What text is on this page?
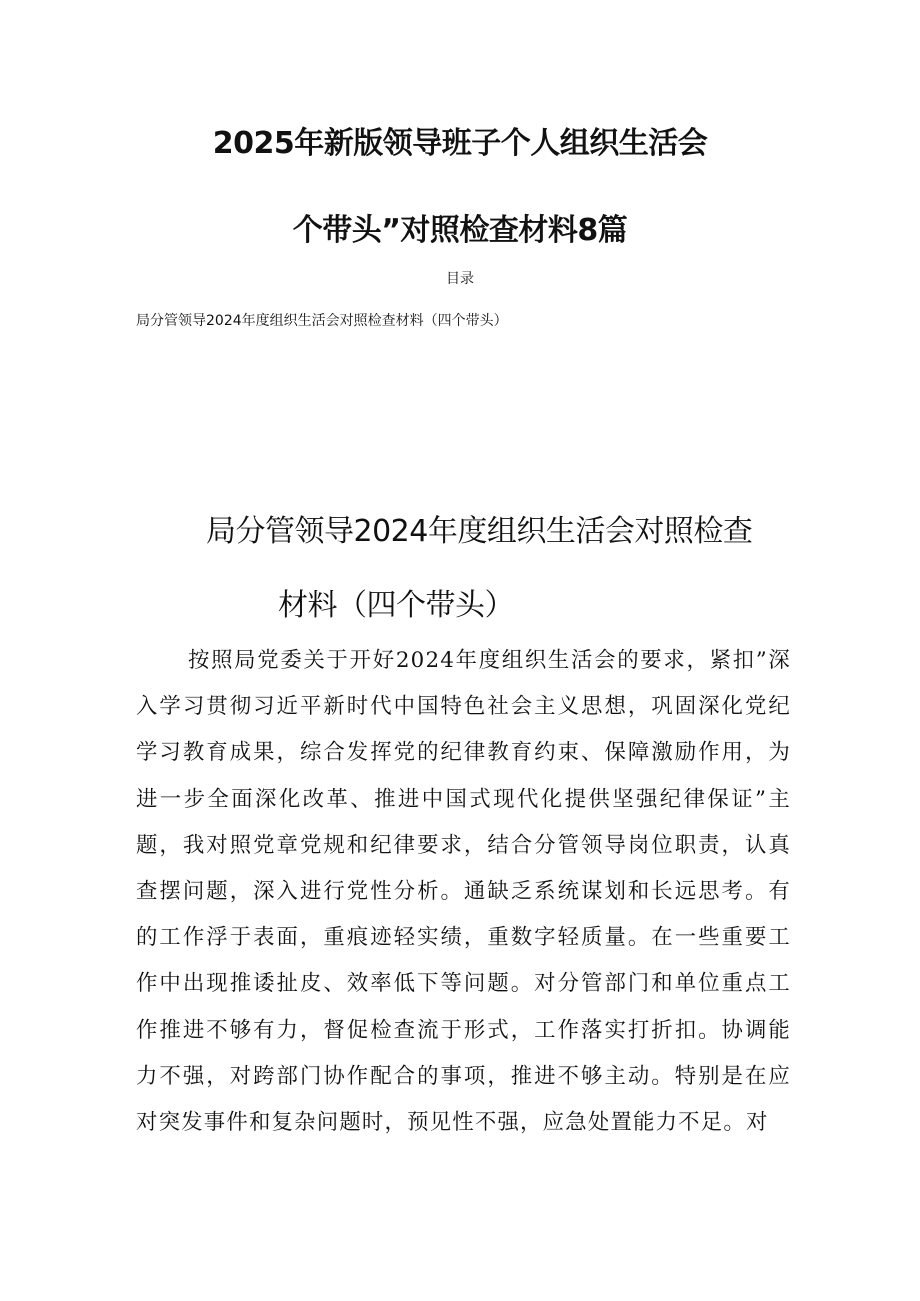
2025年新版领导班子个人组织生活会
个带头”对照检查材料8篇
目录
局分管领导2024年度组织生活会对照检查材料（四个带头）
局分管领导2024年度组织生活会对照检查
材料（四个带头）

按照局党委关于开好2024年度组织生活会的要求，紧扣”深入学习贯彻习近平新时代中国特色社会主义思想，巩固深化党纪学习教育成果，综合发挥党的纪律教育约束、保障激励作用，为进一步全面深化改革、推进中国式现代化提供坚强纪律保证”主题，我对照党章党规和纪律要求，结合分管领导岗位职责，认真查摆问题，深入进行党性分析。通缺乏系统谋划和长远思考。有的工作浮于表面，重痕迹轻实绩，重数字轻质量。在一些重要工作中出现推诿扯皮、效率低下等问题。对分管部门和单位重点工作推进不够有力，督促检查流于形式，工作落实打折扣。协调能力不强，对跨部门协作配合的事项，推进不够主动。特别是在应对突发事件和复杂问题时，预见性不强，应急处置能力不足。对
